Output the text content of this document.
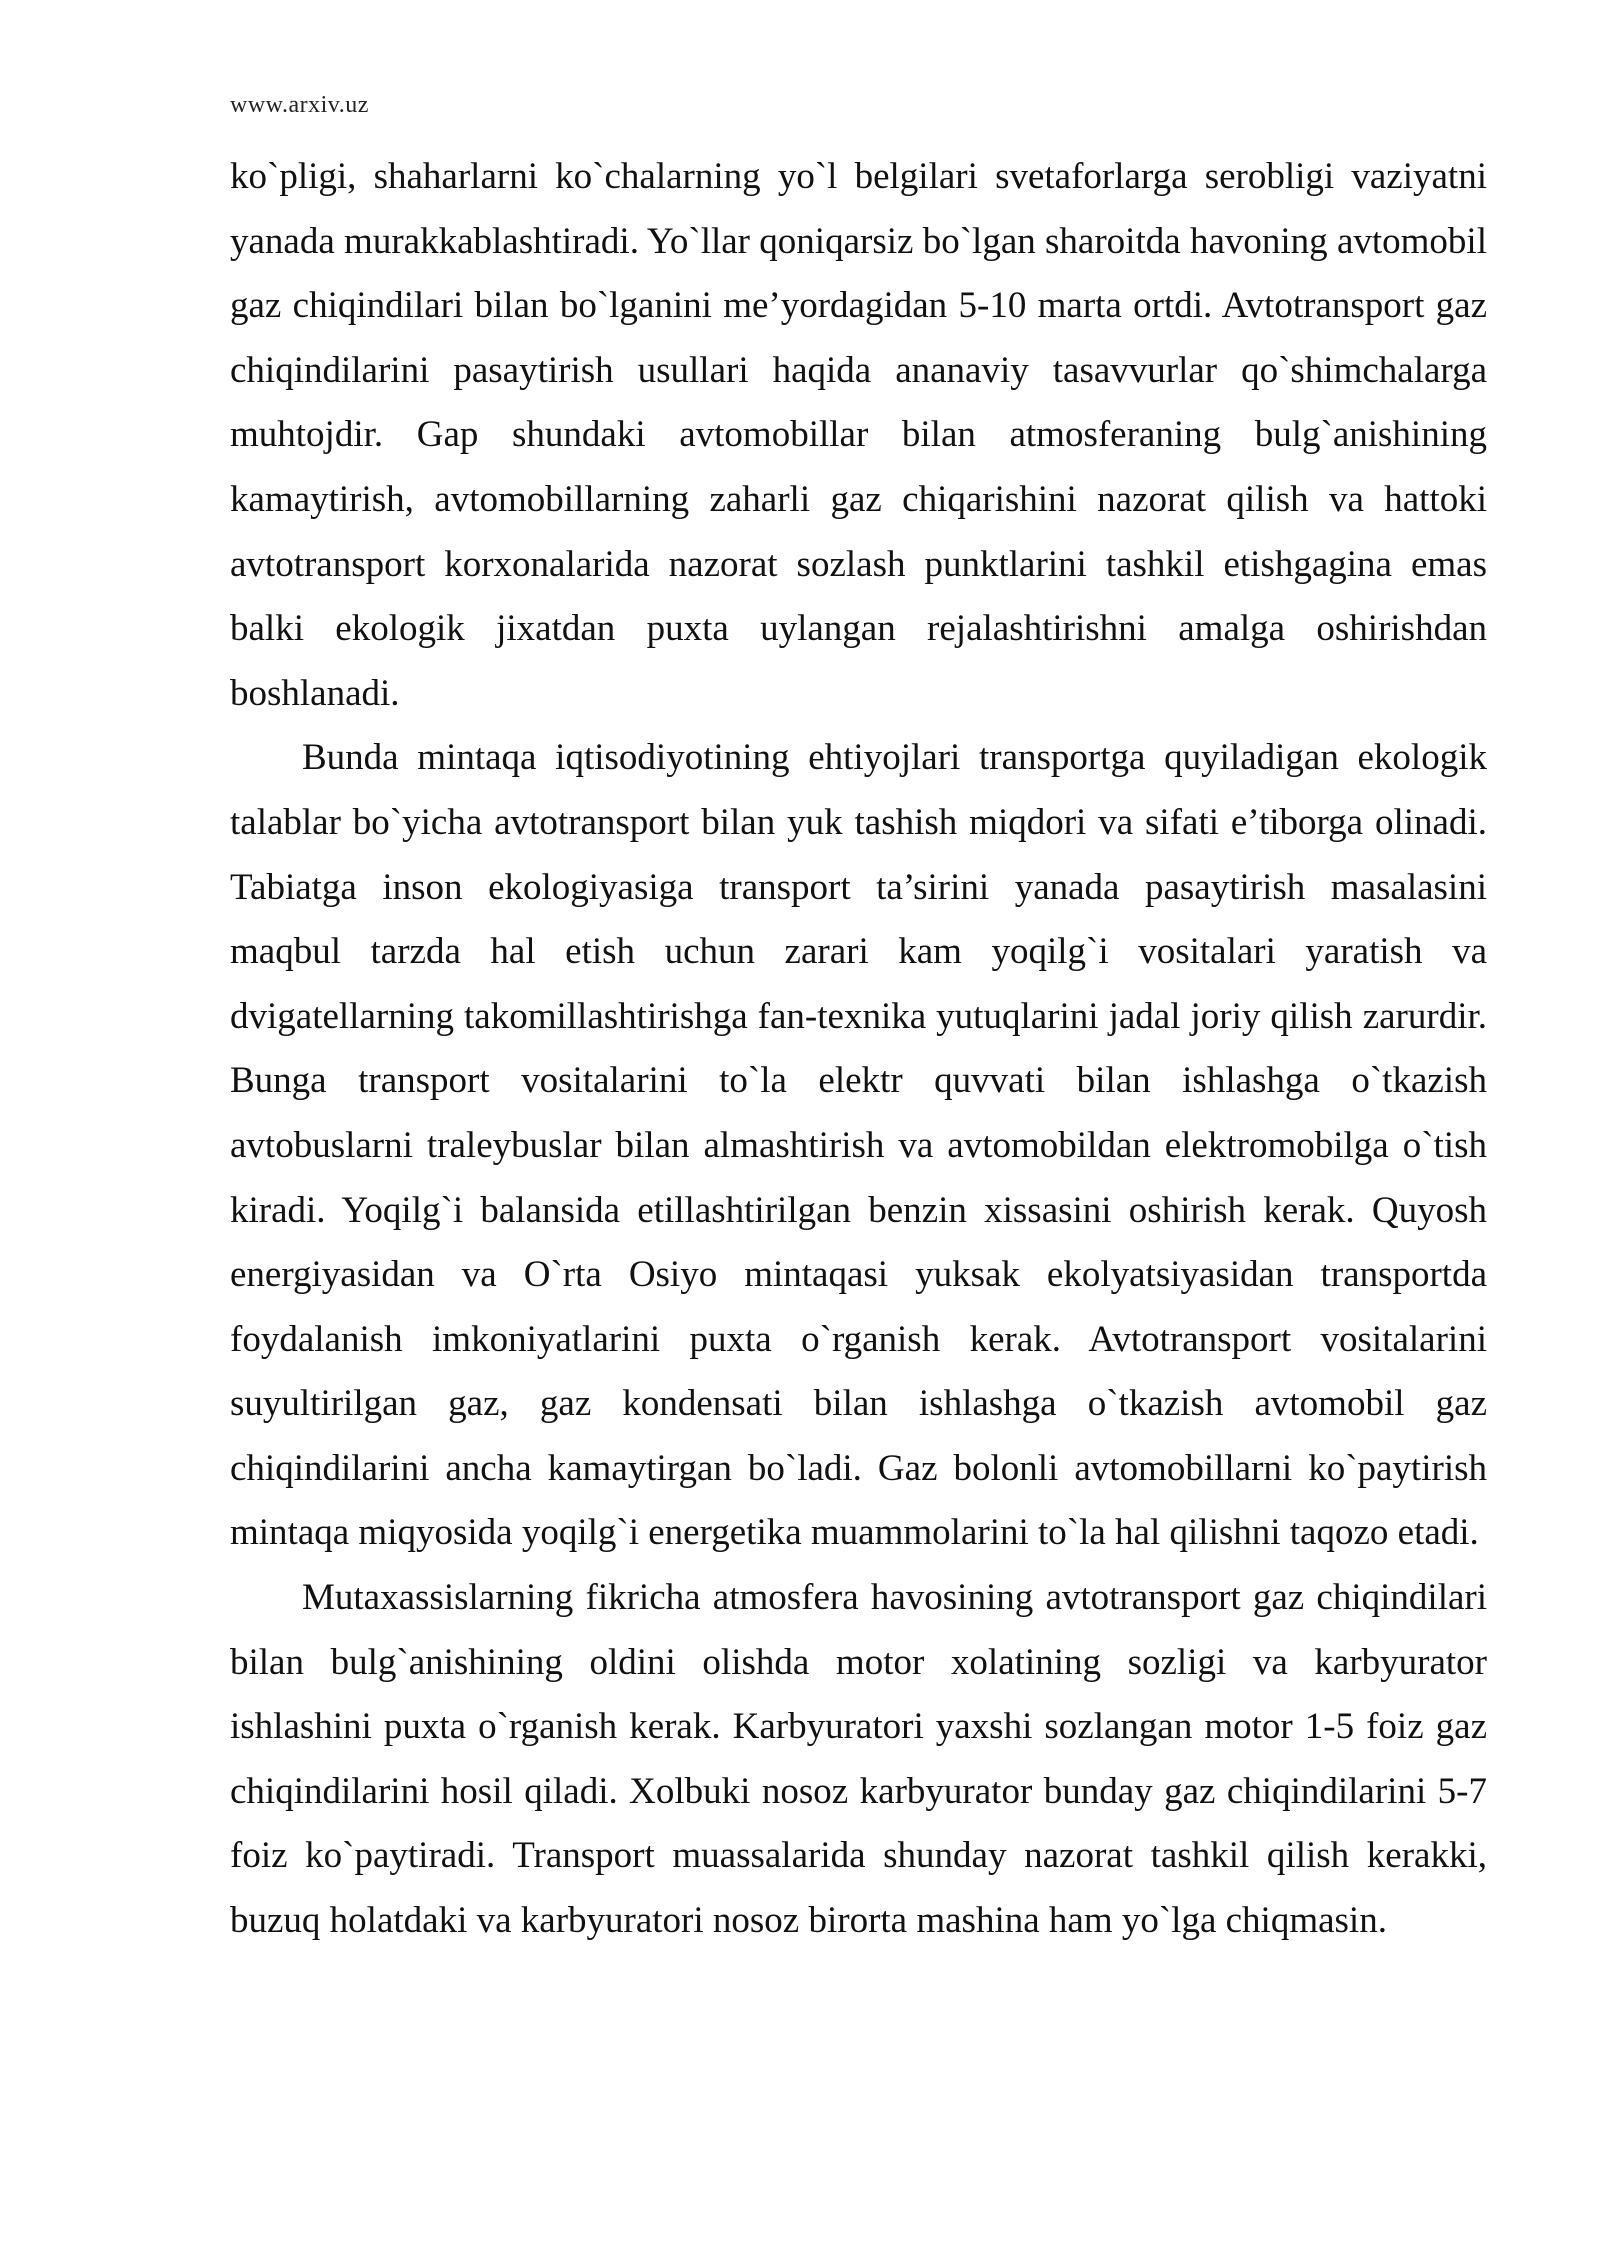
www.arxiv.uz

ko`pligi, shaharlarni ko`chalarning yo`l belgilari svetaforlarga serobligi vaziyatni yanada murakkablashtiradi. Yo`llar qoniqarsiz bo`lgan sharoitda havoning avtomobil gaz chiqindilari bilan bo`lganini me’yordagidan 5-10 marta ortdi. Avtotransport gaz chiqindilarini pasaytirish usullari haqida ananaviy tasavvurlar qo`shimchalarga muhtojdir. Gap shundaki avtomobillar bilan atmosferaning bulg`anishining kamaytirish, avtomobillarning zaharli gaz chiqarishini nazorat qilish va hattoki avtotransport korxonalarida nazorat sozlash punktlarini tashkil etishgagina emas balki ekologik jixatdan puxta uylangan rejalashtirishni amalga oshirishdan boshlanadi.

Bunda mintaqa iqtisodiyotining ehtiyojlari transportga quyiladigan ekologik talablar bo`yicha avtotransport bilan yuk tashish miqdori va sifati e’tiborga olinadi. Tabiatga inson ekologiyasiga transport ta’sirini yanada pasaytirish masalasini maqbul tarzda hal etish uchun zarari kam yoqilg`i vositalari yaratish va dvigatellarning takomillashtirishga fan-texnika yutuqlarini jadal joriy qilish zarurdir. Bunga transport vositalarini to`la elektr quvvati bilan ishlashga o`tkazish avtobuslarni traleybuslar bilan almashtirish va avtomobildan elektromobilga o`tish kiradi. Yoqilg`i balansida etillashtirilgan benzin xissasini oshirish kerak. Quyosh energiyasidan va O`rta Osiyo mintaqasi yuksak ekolyatsiyasidan transportda foydalanish imkoniyatlarini puxta o`rganish kerak. Avtotransport vositalarini suyultirilgan gaz, gaz kondensati bilan ishlashga o`tkazish avtomobil gaz chiqindilarini ancha kamaytirgan bo`ladi. Gaz bolonli avtomobillarni ko`paytirish mintaqa miqyosida yoqilg`i energetika muammolarini to`la hal qilishni taqozo etadi.

Mutaxassislarning fikricha atmosfera havosining avtotransport gaz chiqindilari bilan bulg`anishining oldini olishda motor xolatining sozligi va karbyurator ishlashini puxta o`rganish kerak. Karbyuratori yaxshi sozlangan motor 1-5 foiz gaz chiqindilarini hosil qiladi. Xolbuki nosoz karbyurator bunday gaz chiqindilarini 5-7 foiz ko`paytiradi. Transport muassalarida shunday nazorat tashkil qilish kerakki, buzuq holatdaki va karbyuratori nosoz birorta mashina ham yo`lga chiqmasin.
